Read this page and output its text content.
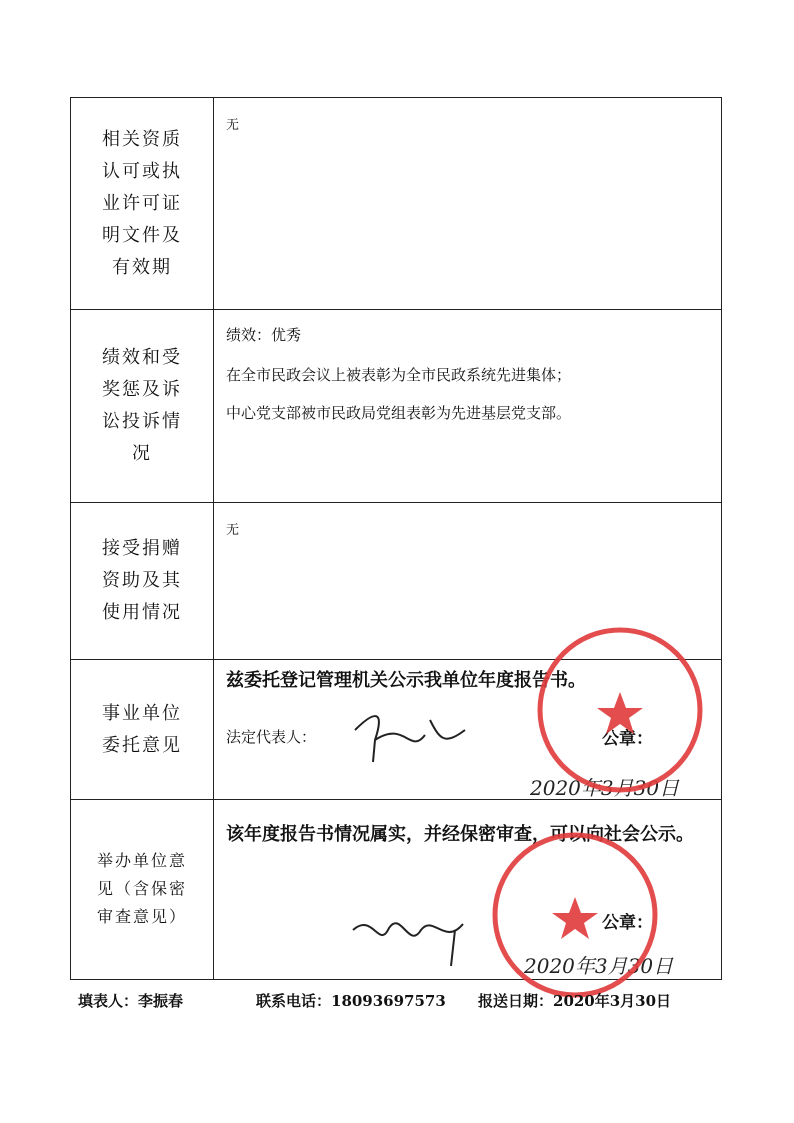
相关资质认可或执业许可证明文件及有效期	无

绩效和受奖惩及诉讼投诉情况	绩效：优秀
在全市民政会议上被表彰为全市民政系统先进集体；
中心党支部被市民政局党组表彰为先进基层党支部。

接受捐赠资助及其使用情况	无

事业单位委托意见	兹委托登记管理机关公示我单位年度报告书。
法定代表人： 公章：
2020年3月30日

举办单位意见（含保密审查意见）	该年度报告书情况属实，并经保密审查，可以向社会公示。
公章：
2020年3月30日
填表人：李振春	联系电话：18093697573 报送日期：2020年3月30日
